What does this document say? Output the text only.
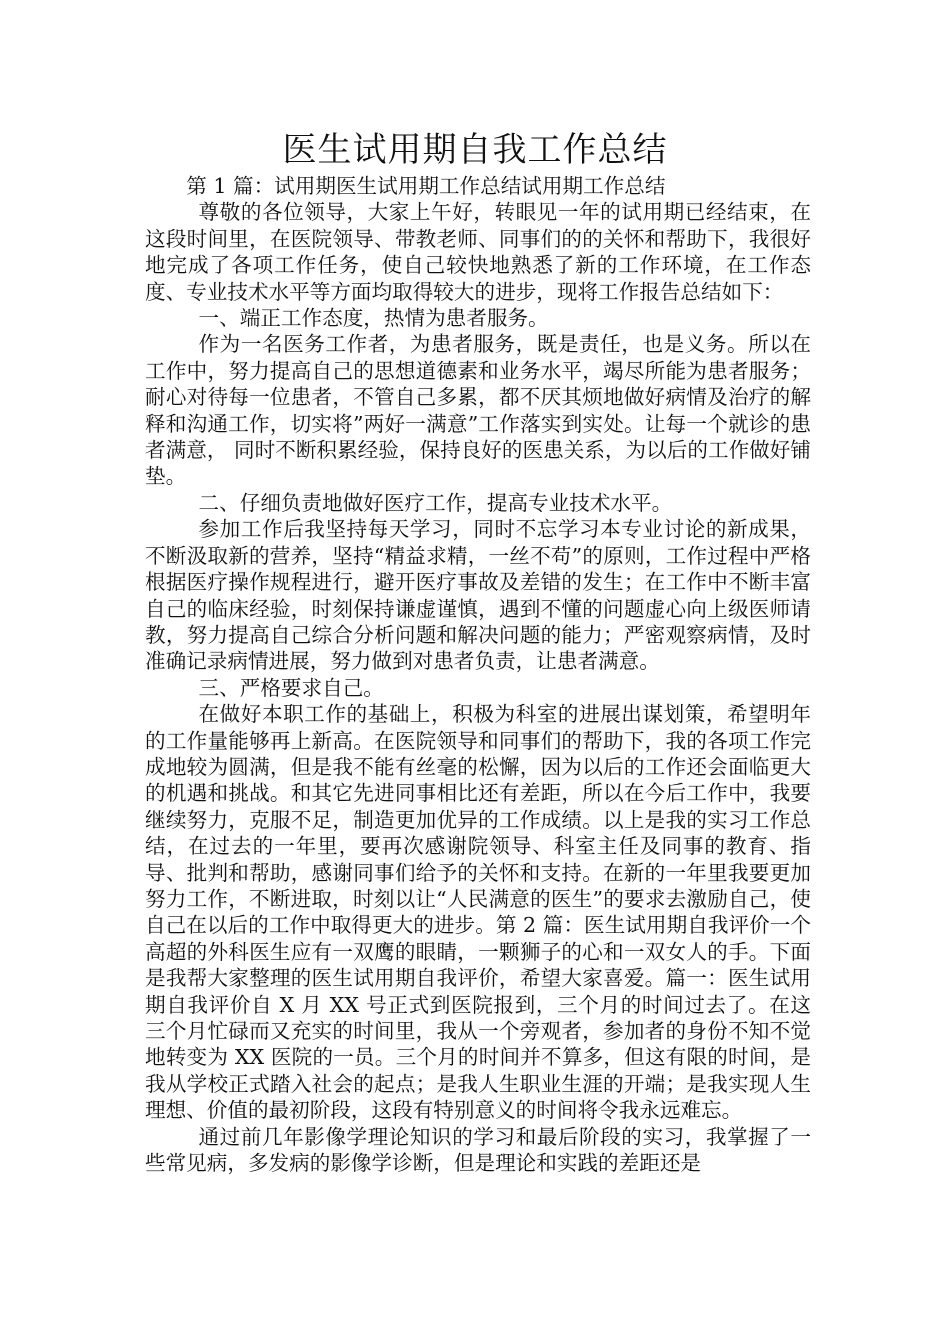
医生试用期自我工作总结

第 1 篇：试用期医生试用期工作总结试用期工作总结

尊敬的各位领导，大家上午好，转眼见一年的试用期已经结束，在这段时间里，在医院领导、带教老师、同事们的的关怀和帮助下，我很好地完成了各项工作任务，使自己较快地熟悉了新的工作环境，在工作态度、专业技术水平等方面均取得较大的进步，现将工作报告总结如下：

一、端正工作态度，热情为患者服务。

作为一名医务工作者，为患者服务，既是责任，也是义务。所以在工作中，努力提高自己的思想道德素和业务水平，竭尽所能为患者服务；耐心对待每一位患者，不管自己多累，都不厌其烦地做好病情及治疗的解释和沟通工作，切实将”两好一满意”工作落实到实处。让每一个就诊的患者满意， 同时不断积累经验，保持良好的医患关系，为以后的工作做好铺垫。

二、仔细负责地做好医疗工作，提高专业技术水平。

参加工作后我坚持每天学习，同时不忘学习本专业讨论的新成果，不断汲取新的营养，坚持“精益求精，一丝不苟”的原则，工作过程中严格根据医疗操作规程进行，避开医疗事故及差错的发生；在工作中不断丰富自己的临床经验，时刻保持谦虚谨慎，遇到不懂的问题虚心向上级医师请教，努力提高自己综合分析问题和解决问题的能力；严密观察病情，及时准确记录病情进展，努力做到对患者负责，让患者满意。

三、严格要求自己。

在做好本职工作的基础上，积极为科室的进展出谋划策，希望明年的工作量能够再上新高。在医院领导和同事们的帮助下，我的各项工作完成地较为圆满，但是我不能有丝毫的松懈，因为以后的工作还会面临更大的机遇和挑战。和其它先进同事相比还有差距，所以在今后工作中，我要继续努力，克服不足，制造更加优异的工作成绩。以上是我的实习工作总结，在过去的一年里，要再次感谢院领导、科室主任及同事的教育、指导、批判和帮助，感谢同事们给予的关怀和支持。在新的一年里我要更加努力工作，不断进取，时刻以让“人民满意的医生”的要求去激励自己，使自己在以后的工作中取得更大的进步。第 2 篇：医生试用期自我评价一个高超的外科医生应有一双鹰的眼睛，一颗狮子的心和一双女人的手。下面是我帮大家整理的医生试用期自我评价，希望大家喜爱。篇一：医生试用期自我评价自 X 月 XX 号正式到医院报到，三个月的时间过去了。在这三个月忙碌而又充实的时间里，我从一个旁观者，参加者的身份不知不觉地转变为 XX 医院的一员。三个月的时间并不算多，但这有限的时间，是我从学校正式踏入社会的起点；是我人生职业生涯的开端；是我实现人生理想、价值的最初阶段，这段有特别意义的时间将令我永远难忘。

通过前几年影像学理论知识的学习和最后阶段的实习，我掌握了一些常见病，多发病的影像学诊断，但是理论和实践的差距还是
